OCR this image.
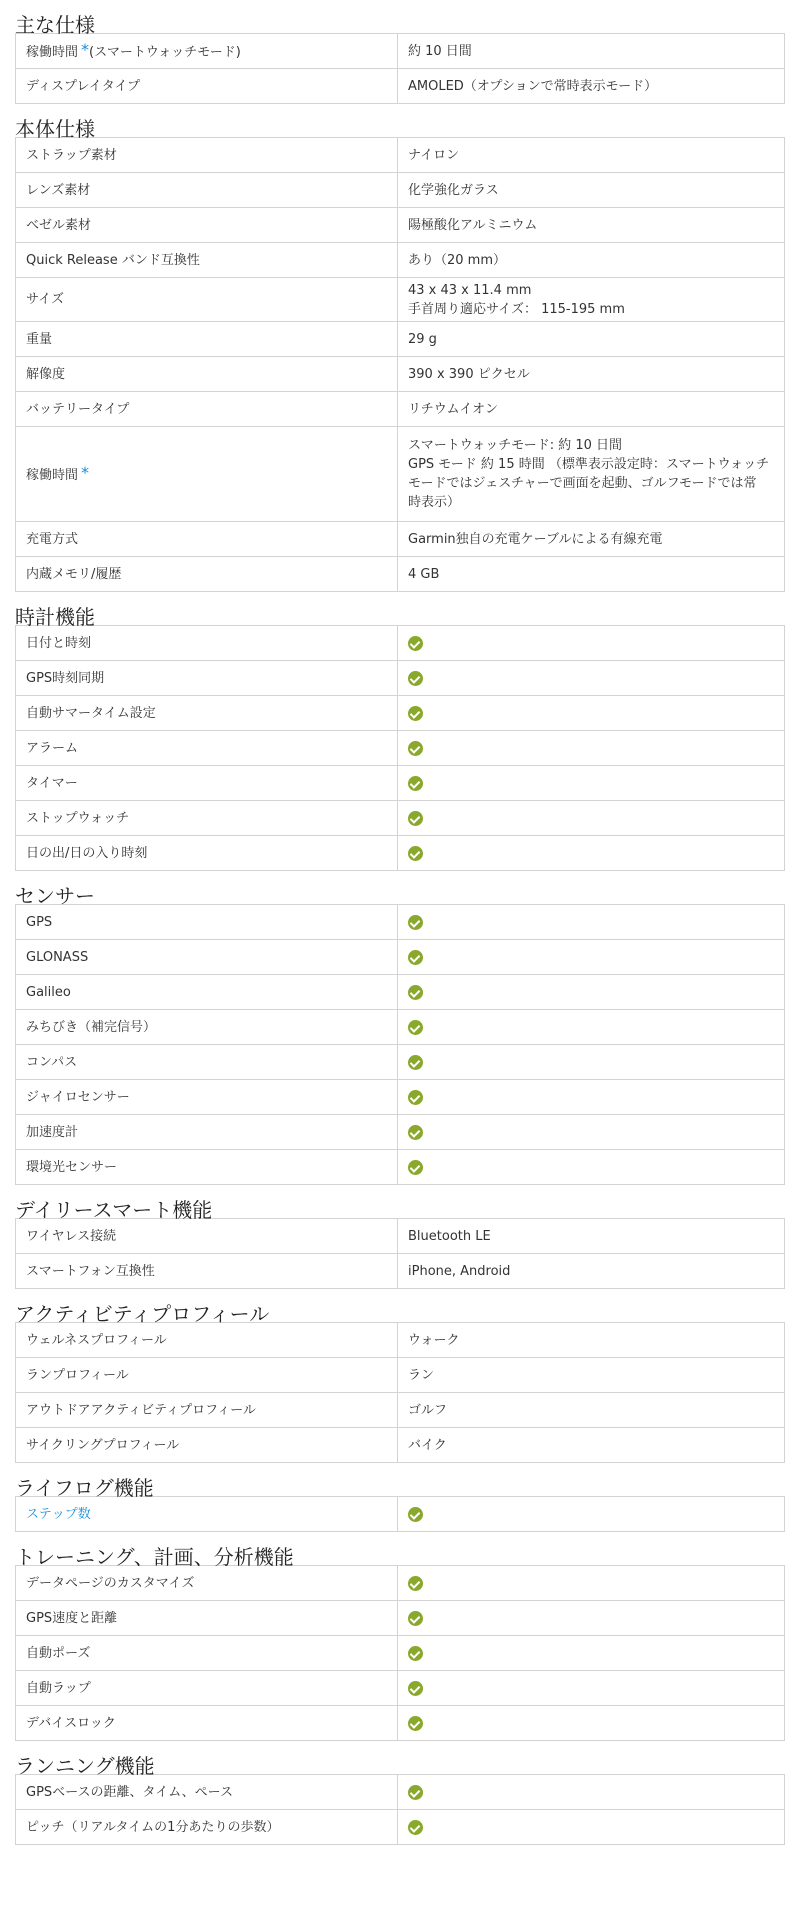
主な仕様
稼働時間 *(スマートウォッチモード)	約 10 日間
ディスプレイタイプ	AMOLED（オプションで常時表示モード）
本体仕様
ストラップ素材	ナイロン
レンズ素材	化学強化ガラス
ベゼル素材	陽極酸化アルミニウム
Quick Release バンド互換性	あり（20 mm）
サイズ	43 x 43 x 11.4 mm
手首周り適応サイズ： 115-195 mm

重量	29 g
解像度	390 x 390 ピクセル
バッテリータイプ	リチウムイオン
稼働時間 *	スマートウォッチモード: 約 10 日間
GPS モード 約 15 時間 （標準表示設定時：スマートウォッチ
モードではジェスチャーで画面を起動、ゴルフモードでは常
時表示）

充電方式	Garmin独自の充電ケーブルによる有線充電
内蔵メモリ/履歴	4 GB
時計機能
日付と時刻	
GPS時刻同期	
自動サマータイム設定	
アラーム	
タイマー	
ストップウォッチ	
日の出/日の入り時刻	
センサー
GPS	
GLONASS	
Galileo	
みちびき（補完信号）	
コンパス	
ジャイロセンサー	
加速度計	
環境光センサー	
デイリースマート機能
ワイヤレス接続	Bluetooth LE
スマートフォン互換性	iPhone, Android
アクティビティプロフィール
ウェルネスプロフィール	ウォーク
ランプロフィール	ラン
アウトドアアクティビティプロフィール	ゴルフ
サイクリングプロフィール	バイク
ライフログ機能
ステップ数	
トレーニング、計画、分析機能
データページのカスタマイズ	
GPS速度と距離	
自動ポーズ	
自動ラップ	
デバイスロック	
ランニング機能
GPSベースの距離、タイム、ペース	
ピッチ（リアルタイムの1分あたりの歩数）	
